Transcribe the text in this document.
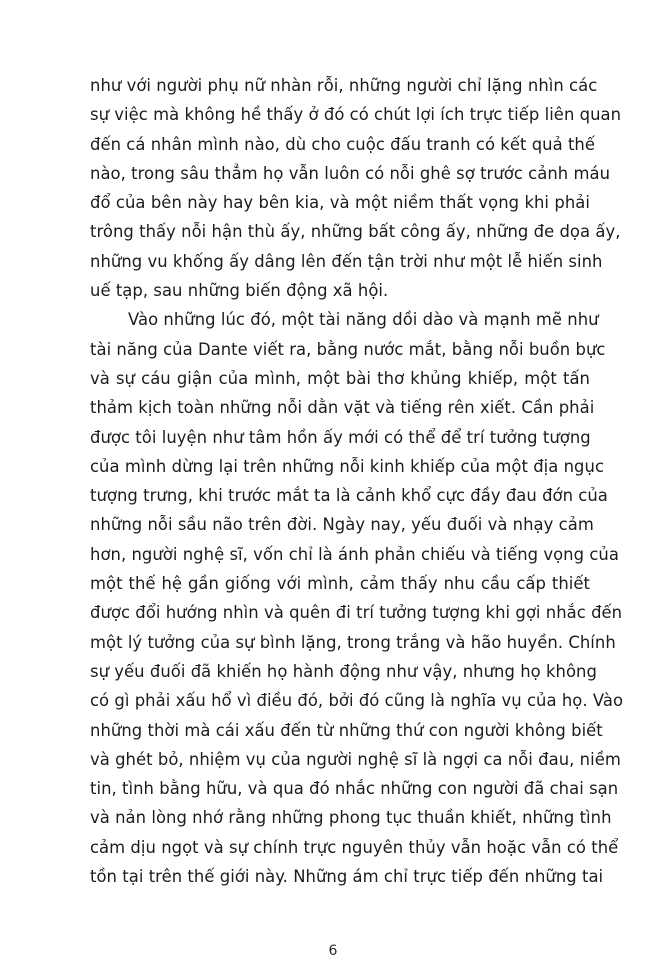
như với người phụ nữ nhàn rỗi, những người chỉ lặng nhìn các
sự việc mà không hề thấy ở đó có chút lợi ích trực tiếp liên quan
đến cá nhân mình nào, dù cho cuộc đấu tranh có kết quả thế
nào, trong sâu thẳm họ vẫn luôn có nỗi ghê sợ trước cảnh máu
đổ của bên này hay bên kia, và một niềm thất vọng khi phải
trông thấy nỗi hận thù ấy, những bất công ấy, những đe dọa ấy,
những vu khống ấy dâng lên đến tận trời như một lễ hiến sinh
uế tạp, sau những biến động xã hội.
Vào những lúc đó, một tài năng dồi dào và mạnh mẽ như
tài năng của Dante viết ra, bằng nước mắt, bằng nỗi buồn bực
và sự cáu giận của mình, một bài thơ khủng khiếp, một tấn
thảm kịch toàn những nỗi dằn vặt và tiếng rên xiết. Cần phải
được tôi luyện như tâm hồn ấy mới có thể để trí tưởng tượng
của mình dừng lại trên những nỗi kinh khiếp của một địa ngục
tượng trưng, khi trước mắt ta là cảnh khổ cực đầy đau đớn của
những nỗi sầu não trên đời. Ngày nay, yếu đuối và nhạy cảm
hơn, người nghệ sĩ, vốn chỉ là ánh phản chiếu và tiếng vọng của
một thế hệ gần giống với mình, cảm thấy nhu cầu cấp thiết
được đổi hướng nhìn và quên đi trí tưởng tượng khi gợi nhắc đến
một lý tưởng của sự bình lặng, trong trắng và hão huyền. Chính
sự yếu đuối đã khiến họ hành động như vậy, nhưng họ không
có gì phải xấu hổ vì điều đó, bởi đó cũng là nghĩa vụ của họ. Vào
những thời mà cái xấu đến từ những thứ con người không biết
và ghét bỏ, nhiệm vụ của người nghệ sĩ là ngợi ca nỗi đau, niềm
tin, tình bằng hữu, và qua đó nhắc những con người đã chai sạn
và nản lòng nhớ rằng những phong tục thuần khiết, những tình
cảm dịu ngọt và sự chính trực nguyên thủy vẫn hoặc vẫn có thể
tồn tại trên thế giới này. Những ám chỉ trực tiếp đến những tai
6
